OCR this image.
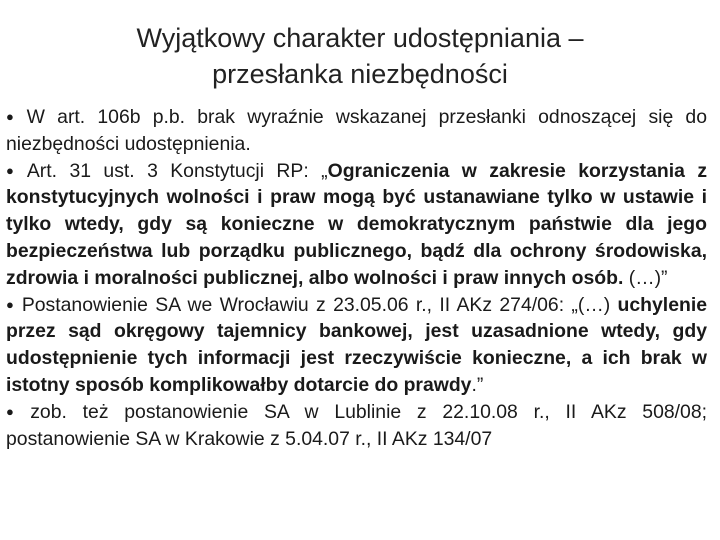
Wyjątkowy charakter udostępniania –
przesłanka niezbędności

● W art. 106b p.b. brak wyraźnie wskazanej przesłanki odnoszącej się do niezbędności udostępnienia.

● Art. 31 ust. 3 Konstytucji RP: „Ograniczenia w zakresie korzystania z konstytucyjnych wolności i praw mogą być ustanawiane tylko w ustawie i tylko wtedy, gdy są konieczne w demokratycznym państwie dla jego bezpieczeństwa lub porządku publicznego, bądź dla ochrony środowiska, zdrowia i moralności publicznej, albo wolności i praw innych osób. (…)”

● Postanowienie SA we Wrocławiu z 23.05.06 r., II AKz 274/06: „(…) uchylenie przez sąd okręgowy tajemnicy bankowej, jest uzasadnione wtedy, gdy udostępnienie tych informacji jest rzeczywiście konieczne, a ich brak w istotny sposób komplikowałby dotarcie do prawdy.”

● zob. też postanowienie SA w Lublinie z 22.10.08 r., II AKz 508/08; postanowienie SA w Krakowie z 5.04.07 r., II AKz 134/07
